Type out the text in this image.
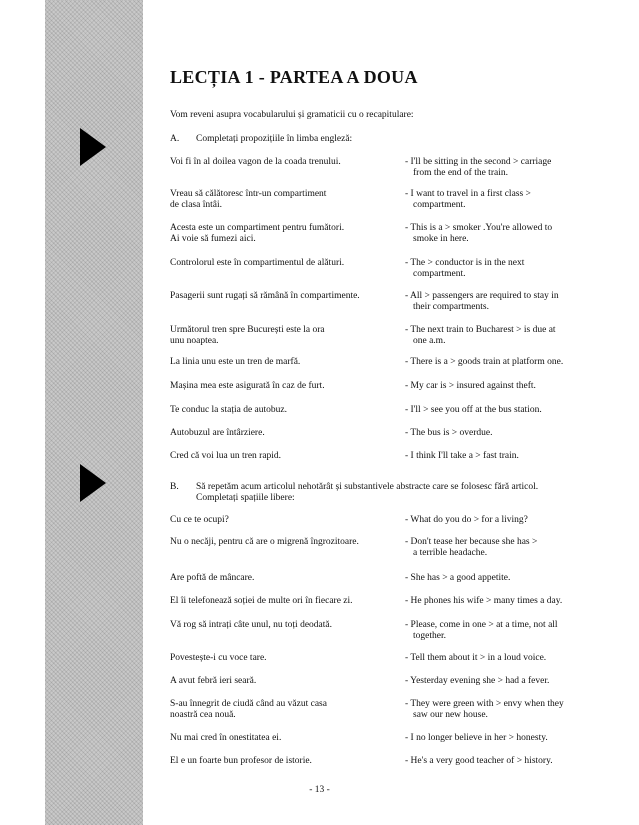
LECȚIA 1 - PARTEA A DOUA
Vom reveni asupra vocabularului și gramaticii cu o recapitulare:
A. Completați propozițiile în limba engleză:
Voi fi în al doilea vagon de la coada trenului.	- I'll be sitting in the second > carriage
from the end of the train.
Vreau să călătoresc într-un compartiment
de clasa întâi.
- I want to travel in a first class >
compartment.
Acesta este un compartiment pentru fumători.
Ai voie să fumezi aici.
- This is a > smoker .You're allowed to
smoke in here.
Controlorul este în compartimentul de alături.	- The > conductor is in the next
compartment.
Pasagerii sunt rugați să rămână în compartimente.	- All > passengers are required to stay in
their compartments.
Următorul tren spre București este la ora
unu noaptea.
- The next train to Bucharest > is due at
one a.m.
La linia unu este un tren de marfă.	- There is a > goods train at platform one.
Mașina mea este asigurată în caz de furt.	- My car is > insured against theft.
Te conduc la stația de autobuz.	- I'll > see you off at the bus station.
Autobuzul are întârziere.	- The bus is > overdue.
Cred că voi lua un tren rapid.	- I think I'll take a > fast train.
B. Să repetăm acum articolul nehotărât și substantivele abstracte care se folosesc fără articol.
Completați spațiile libere:
Cu ce te ocupi?	- What do you do > for a living?
Nu o necăji, pentru că are o migrenă îngrozitoare.	- Don't tease her because she has >
a terrible headache.
Are poftă de mâncare.	- She has > a good appetite.
El îi telefonează soției de multe ori în fiecare zi.	- He phones his wife > many times a day.
Vă rog să intrați câte unul, nu toți deodată.	- Please, come in one > at a time, not all
together.
Povestește-i cu voce tare.	- Tell them about it > in a loud voice.
A avut febră ieri seară.	- Yesterday evening she > had a fever.
S-au înnegrit de ciudă când au văzut casa
noastră cea nouă.
- They were green with > envy when they
saw our new house.
Nu mai cred în onestitatea ei.	- I no longer believe in her > honesty.
El e un foarte bun profesor de istorie.	- He's a very good teacher of > history.
- 13 -
